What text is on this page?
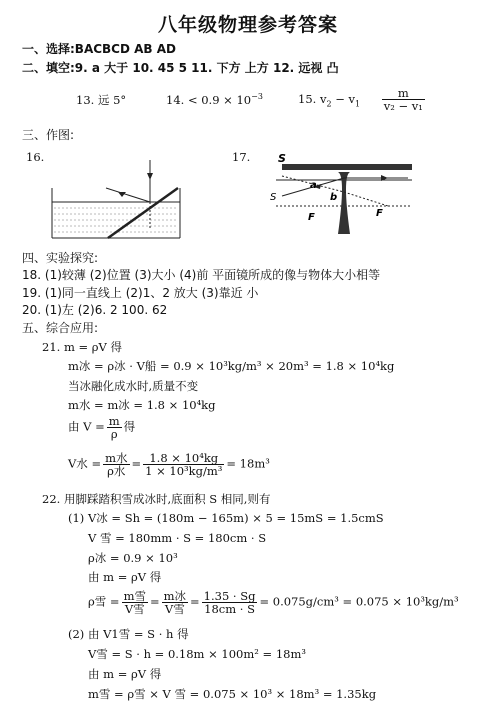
八年级物理参考答案
一、选择:BACBCD AB AD
二、填空:9. a 大于 10. 45 5 11. 下方 上方 12. 远视 凸
13. 远 5°	14. < $0.9 \times 10^{-3}$	15. $v_2 - v_1 \frac{m}{\text{v₂ − v₁}}$
三、作图:
16.	17.	S
S
a
b
F	F
四、实验探究:
18. (1)较薄 (2)位置 (3)大小 (4)前 平面镜所成的像与物体大小相等
19. (1)同一直线上 (2)1、2 放大 (3)靠近 小
20. (1)左 (2)6. 2 100. 62
五、综合应用:
21. m = ρV 得
m冰 = ρ冰 · V船 = 0.9 × 10³kg/m³ × 20m³ = 1.8 × 10⁴kg
当冰融化成水时,质量不变
m水 = m冰 = 1.8 × 10⁴kg
由 $V = \frac{m}{\rho}$ 得
V水 = $\frac{\text{m水}}{\text{ρ水}} = \frac{\text{1.8 × 10⁴kg}}{\text{1 × 10³kg/m³}} = 18m^3$
22. 用脚踩踏积雪成冰时,底面积 S 相同,则有
(1) V冰 = Sh = (180m − 165m) × 5 = 15mS = 1.5cmS
V 雪 = 180mm · S = 180cm · S
ρ冰 = 0.9 × 10³
由 m = ρV 得
ρ雪 = $\frac{\text{m雪}}{\text{V雪}} = \frac{\text{m冰}}{\text{V雪}} = \frac{1.35 \cdot Sg}{18cm \cdot S} = 0.075g/cm^3 = 0.075 \times 10^3kg/m^3$
(2) 由 V1雪 = S · h 得
V雪 = S · h = 0.18m × 100m² = 18m³
由 m = ρV 得
m雪 = ρ雪 × V 雪 = 0.075 × 10³ × 18m³ = 1.35kg
